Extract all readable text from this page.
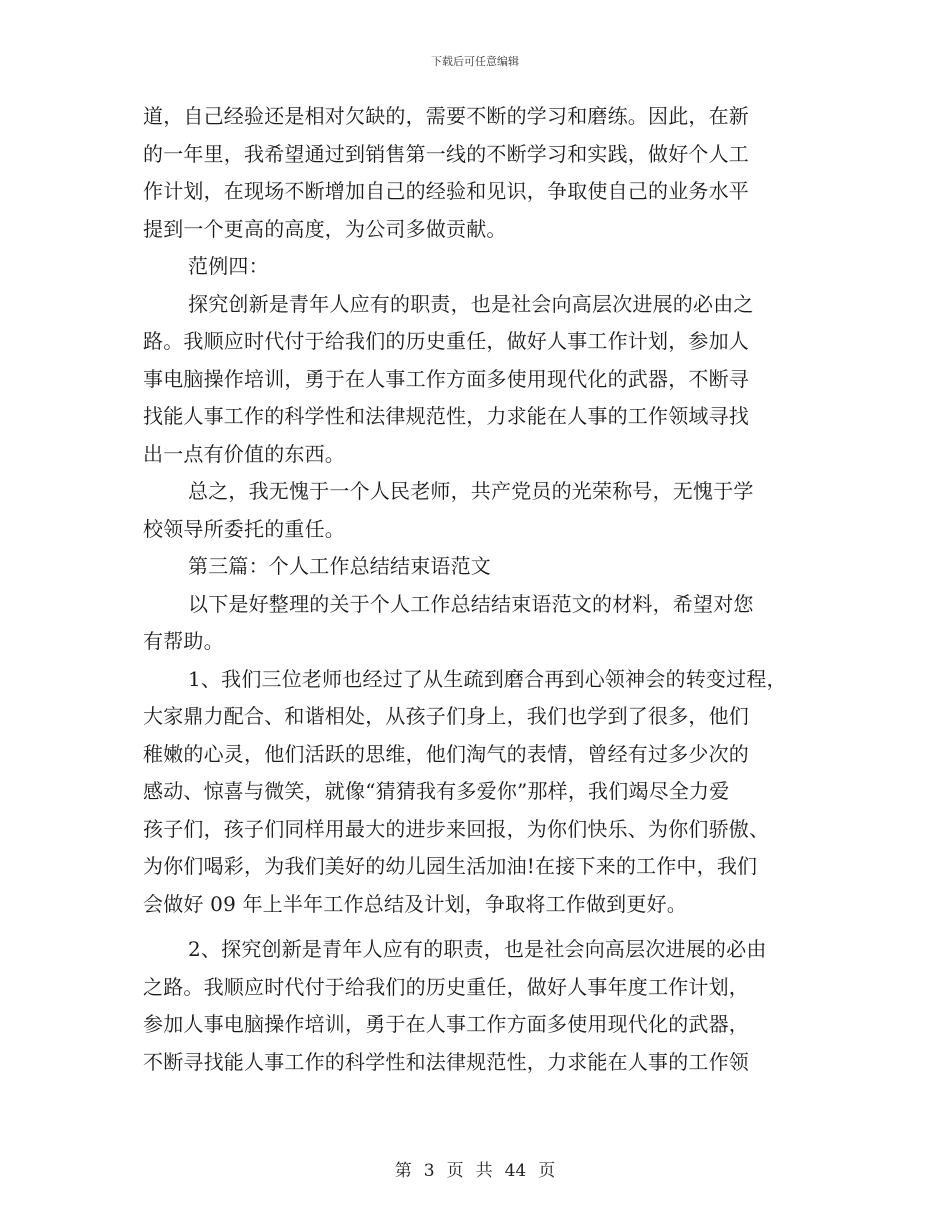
下载后可任意编辑
道，自己经验还是相对欠缺的，需要不断的学习和磨练。因此，在新
的一年里，我希望通过到销售第一线的不断学习和实践，做好个人工
作计划，在现场不断增加自己的经验和见识，争取使自己的业务水平
提到一个更高的高度，为公司多做贡献。
范例四：
探究创新是青年人应有的职责，也是社会向高层次进展的必由之
路。我顺应时代付于给我们的历史重任，做好人事工作计划，参加人
事电脑操作培训，勇于在人事工作方面多使用现代化的武器，不断寻
找能人事工作的科学性和法律规范性，力求能在人事的工作领域寻找
出一点有价值的东西。
总之，我无愧于一个人民老师，共产党员的光荣称号，无愧于学
校领导所委托的重任。
第三篇：个人工作总结结束语范文
以下是好整理的关于个人工作总结结束语范文的材料，希望对您
有帮助。
1、我们三位老师也经过了从生疏到磨合再到心领神会的转变过程，
大家鼎力配合、和谐相处，从孩子们身上，我们也学到了很多，他们
稚嫩的心灵，他们活跃的思维，他们淘气的表情，曾经有过多少次的
感动、惊喜与微笑，就像“猜猜我有多爱你”那样，我们竭尽全力爱
孩子们，孩子们同样用最大的进步来回报，为你们快乐、为你们骄傲、
为你们喝彩，为我们美好的幼儿园生活加油!在接下来的工作中，我们
会做好 09 年上半年工作总结及计划，争取将工作做到更好。
2、探究创新是青年人应有的职责，也是社会向高层次进展的必由
之路。我顺应时代付于给我们的历史重任，做好人事年度工作计划，
参加人事电脑操作培训，勇于在人事工作方面多使用现代化的武器，
不断寻找能人事工作的科学性和法律规范性，力求能在人事的工作领
第 3 页 共 44 页
